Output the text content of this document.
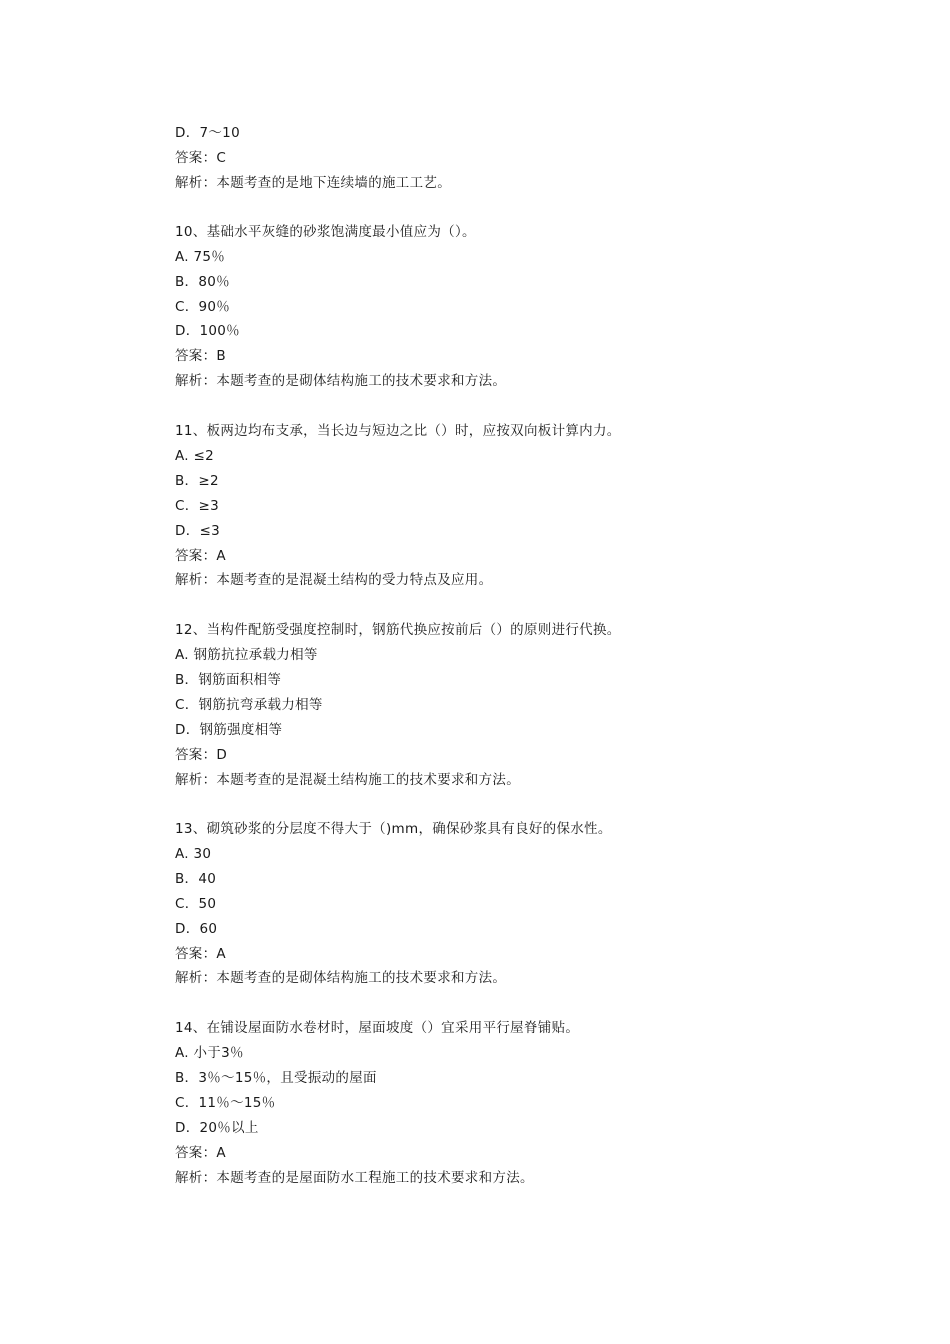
D．7～10
答案：C
解析：本题考查的是地下连续墙的施工工艺。
10、基础水平灰缝的砂浆饱满度最小值应为（）。
A. 75％
B．80％
C．90％
D．100％
答案：B
解析：本题考查的是砌体结构施工的技术要求和方法。
11、板两边均布支承，当长边与短边之比（）时，应按双向板计算内力。
A. ≤2
B．≥2
C．≥3
D．≤3
答案：A
解析：本题考查的是混凝土结构的受力特点及应用。
12、当构件配筋受强度控制时，钢筋代换应按前后（）的原则进行代换。
A. 钢筋抗拉承载力相等
B．钢筋面积相等
C．钢筋抗弯承载力相等
D．钢筋强度相等
答案：D
解析：本题考查的是混凝土结构施工的技术要求和方法。
13、砌筑砂浆的分层度不得大于（)mm，确保砂浆具有良好的保水性。
A. 30
B．40
C．50
D．60
答案：A
解析：本题考查的是砌体结构施工的技术要求和方法。
14、在铺设屋面防水卷材时，屋面坡度（）宜采用平行屋脊铺贴。
A. 小于3％
B．3％～15％，且受振动的屋面
C．11％～15％
D．20％以上
答案：A
解析：本题考查的是屋面防水工程施工的技术要求和方法。
